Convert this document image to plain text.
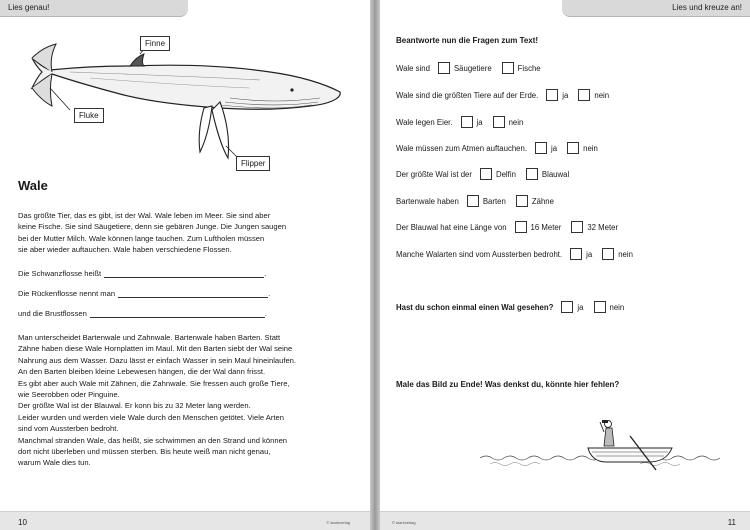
Lies genau!
Finne
Fluke
Flipper
Wale

Das größte Tier, das es gibt, ist der Wal. Wale leben im Meer. Sie sind aber

keine Fische. Sie sind Säugetiere, denn sie gebären Junge. Die Jungen saugen

bei der Mutter Milch. Wale können lange tauchen. Zum Luftholen müssen

sie aber wieder auftauchen. Wale haben verschiedene Flossen.

Die Schwanzflosse heißt	.
Die Rückenflosse nennt man	.
und die Brustflossen	.

Man unterscheidet Bartenwale und Zahnwale. Bartenwale haben Barten. Statt

Zähne haben diese Wale Hornplatten im Maul. Mit den Barten siebt der Wal seine

Nahrung aus dem Wasser. Dazu lässt er einfach Wasser in sein Maul hineinlaufen.

An den Barten bleiben kleine Lebewesen hängen, die der Wal dann frisst.

Es gibt aber auch Wale mit Zähnen, die Zahnwale. Sie fressen auch große Tiere,

wie Seerobben oder Pinguine.

Der größte Wal ist der Blauwal. Er konn bis zu 32 Meter lang werden.

Leider wurden und werden viele Wale durch den Menschen getötet. Viele Arten

sind vom Aussterben bedroht.

Manchmal stranden Wale, das heißt, sie schwimmen an den Strand und können

dort nicht überleben und müssen sterben. Bis heute weiß man nicht genau,

warum Wale dies tun.

10	© starkverlag
Lies und kreuze an!
Beantworte nun die Fragen zum Text!
Wale sind	Säugetiere	Fische
Wale sind die größten Tiere auf der Erde.	ja	nein
Wale legen Eier.	ja	nein
Wale müssen zum Atmen auftauchen.	ja	nein
Der größte Wal ist der	Delfin	Blauwal
Bartenwale haben	Barten	Zähne
Der Blauwal hat eine Länge von	16 Meter	32 Meter
Manche Walarten sind vom Aussterben bedroht.	ja	nein
Hast du schon einmal einen Wal gesehen?	ja	nein
Male das Bild zu Ende! Was denkst du, könnte hier fehlen?
11
© starkverlag
